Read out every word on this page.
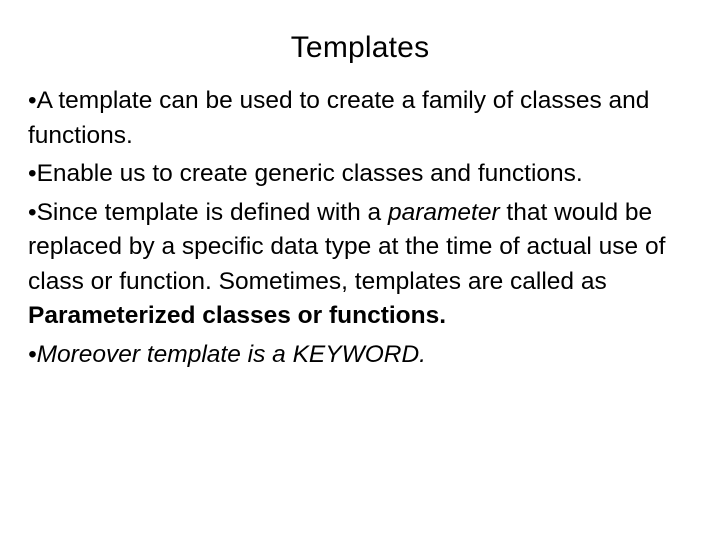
Templates

•A template can be used to create a family of classes and functions.

•Enable us to create generic classes and functions.

•Since template is defined with a parameter that would be replaced by a specific data type at the time of actual use of class or function. Sometimes, templates are called as Parameterized classes or functions.

•Moreover template is a KEYWORD.
